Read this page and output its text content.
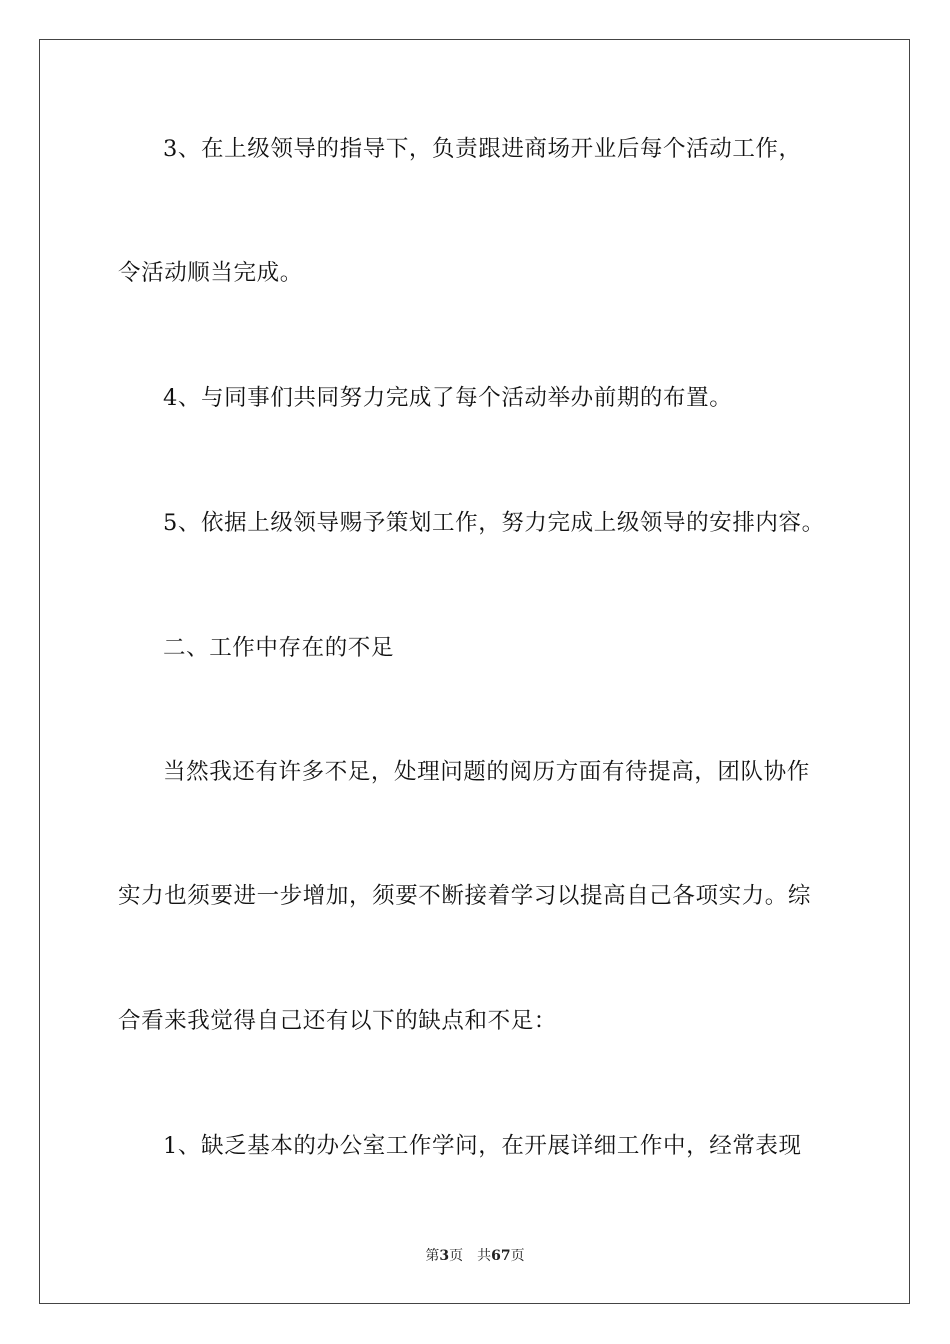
3、在上级领导的指导下，负责跟进商场开业后每个活动工作，
令活动顺当完成。
4、与同事们共同努力完成了每个活动举办前期的布置。
5、依据上级领导赐予策划工作，努力完成上级领导的安排内容。
二、工作中存在的不足
当然我还有许多不足，处理问题的阅历方面有待提高，团队协作
实力也须要进一步增加，须要不断接着学习以提高自己各项实力。综
合看来我觉得自己还有以下的缺点和不足：
1、缺乏基本的办公室工作学问，在开展详细工作中，经常表现
第3页 共67页
